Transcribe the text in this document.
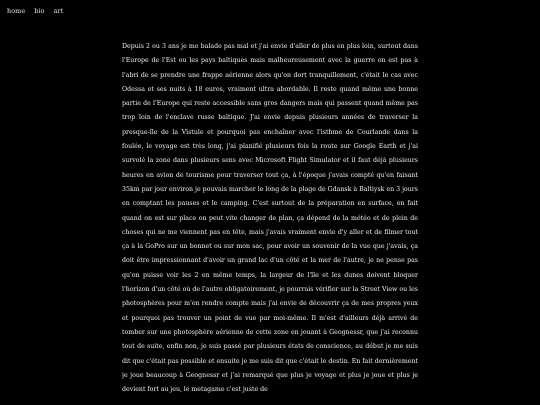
home bio art

Depuis 2 ou 3 ans je me balade pas mal et j'ai envie d'aller de plus en plus loin, surtout dans l'Europe de l'Est ou les pays baltiques mais malheureusement avec la guerre on est pas à l'abri de se prendre une frappe aérienne alors qu'on dort tranquillement, c'était le cas avec Odessa et ses nuits à 18 euros, vraiment ultra abordable. Il reste quand même une bonne partie de l'Europe qui reste accessible sans gros dangers mais qui passent quand même pas trop loin de l'enclave russe baltique. J'ai envie depuis plusieurs années de traverser la presque-île de la Vistule et pourquoi pas enchaîner avec l'isthme de Courlande dans la foulée, le voyage est très long, j'ai planifié plusieurs fois la route sur Google Earth et j'ai survolé la zone dans plusieurs sens avec Microsoft Flight Simulator et il faut déjà plusieurs heures en avion de tourisme pour traverser tout ça, à l'époque j'avais compté qu'en faisant 35km par jour environ je pouvais marcher le long de la plage de Gdansk à Baltiysk en 3 jours en comptant les pauses et le camping. C'est surtout de la préparation en surface, en fait quand on est sur place on peut vite changer de plan, ça dépend de la météo et de plein de choses qui ne me viennent pas en tête, mais j'avais vraiment envie d'y aller et de filmer tout ça à la GoPro sur un bonnet ou sur mon sac, pour avoir un souvenir de la vue que j'avais, ça doit être impressionnant d'avoir un grand lac d'un côté et la mer de l'autre, je ne pense pas qu'on puisse voir les 2 en même temps, la largeur de l'île et les dunes doivent bloquer l'horizon d'un côté où de l'autre obligatoirement, je pourrais vérifier sur la Street View ou les photosphères pour m'en rendre compte mais j'ai envie de découvrir ça de mes propres yeux et pourquoi pas trouver un point de vue par moi-même. Il m'est d'ailleurs déjà arrivé de tomber sur une photosphère aérienne de cette zone en jouant à Geognessr, que j'ai reconnu tout de suite, enfin non, je suis passé par plusieurs états de conscience, au début je me suis dit que c'était pas possible et ensuite je me suis dit que c'était le destin. En fait dernièrement je joue beaucoup à Geognessr et j'ai remarqué que plus je voyage et plus je joue et plus je devient fort au jeu, le metagame c'est juste de
